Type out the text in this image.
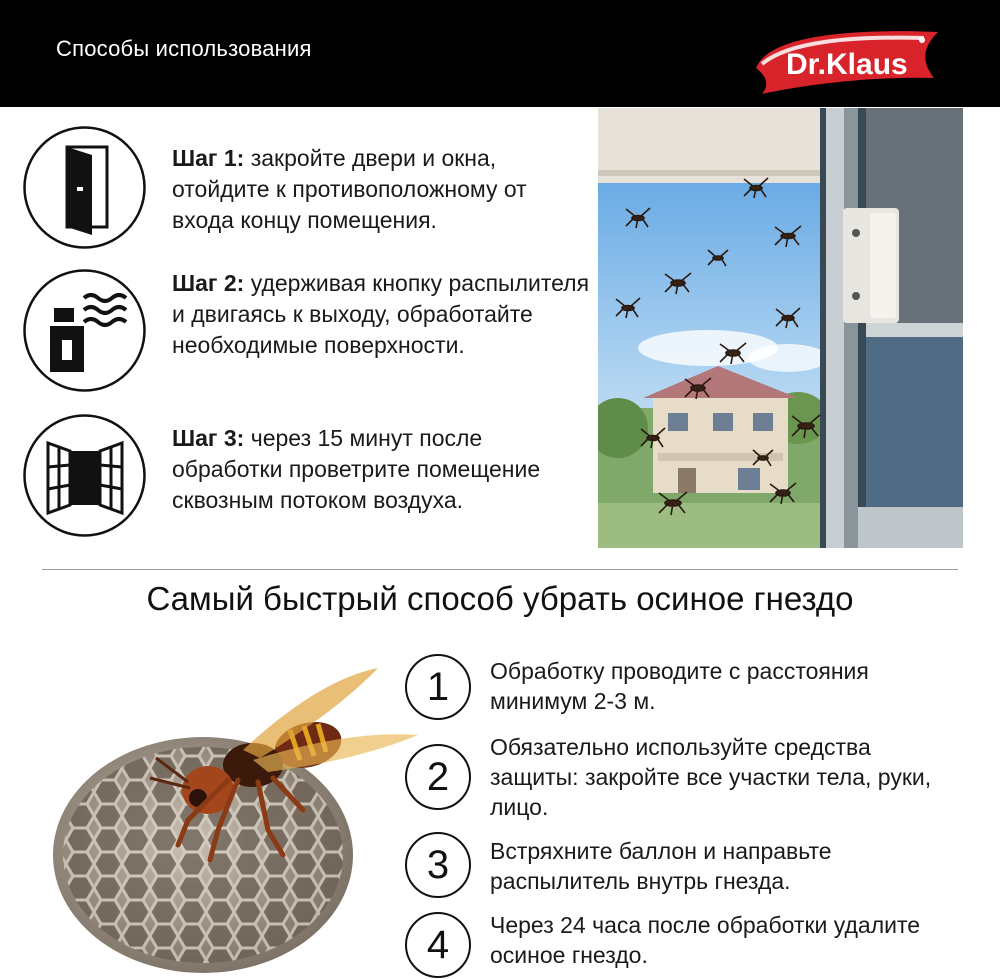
Способы использования	Dr.Klaus
Шаг 1: закройте двери и окна, отойдите к противоположному от входа концу помещения.
Шаг 2: удерживая кнопку распылителя и двигаясь к выходу, обработайте необходимые поверхности.
Шаг 3: через 15 минут после обработки проветрите помещение сквозным потоком воздуха.
Самый быстрый способ убрать осиное гнездо
1	Обработку проводите с расстояния минимум 2-3 м.
2
Обязательно используйте средства защиты: закройте все участки тела, руки, лицо.
3	Встряхните баллон и направьте распылитель внутрь гнезда.
4	Через 24 часа после обработки удалите осиное гнездо.
